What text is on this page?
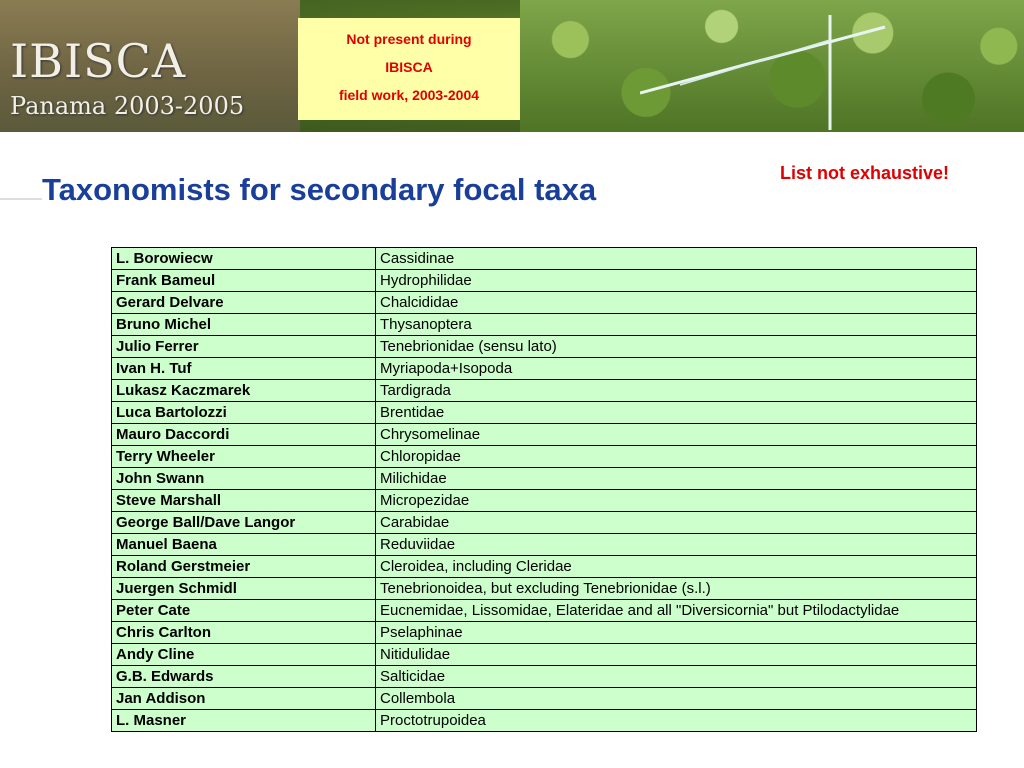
IBISCA
Panama 2003-2005
Not present during
IBISCA
field work, 2003-2004
List not exhaustive!
Taxonomists for secondary focal taxa
L. Borowiecw	Cassidinae
Frank Bameul	Hydrophilidae
Gerard Delvare	Chalcididae
Bruno Michel	Thysanoptera
Julio Ferrer	Tenebrionidae (sensu lato)
Ivan H. Tuf	Myriapoda+Isopoda
Lukasz Kaczmarek	Tardigrada
Luca Bartolozzi	Brentidae
Mauro Daccordi	Chrysomelinae
Terry Wheeler	Chloropidae
John Swann	Milichidae
Steve Marshall	Micropezidae
George Ball/Dave Langor	Carabidae
Manuel Baena	Reduviidae
Roland Gerstmeier	Cleroidea, including Cleridae
Juergen Schmidl	Tenebrionoidea, but excluding Tenebrionidae (s.l.)
Peter Cate	Eucnemidae, Lissomidae, Elateridae and all "Diversicornia" but Ptilodactylidae
Chris Carlton	Pselaphinae
Andy Cline	Nitidulidae
G.B. Edwards	Salticidae
Jan Addison	Collembola
L. Masner	Proctotrupoidea
